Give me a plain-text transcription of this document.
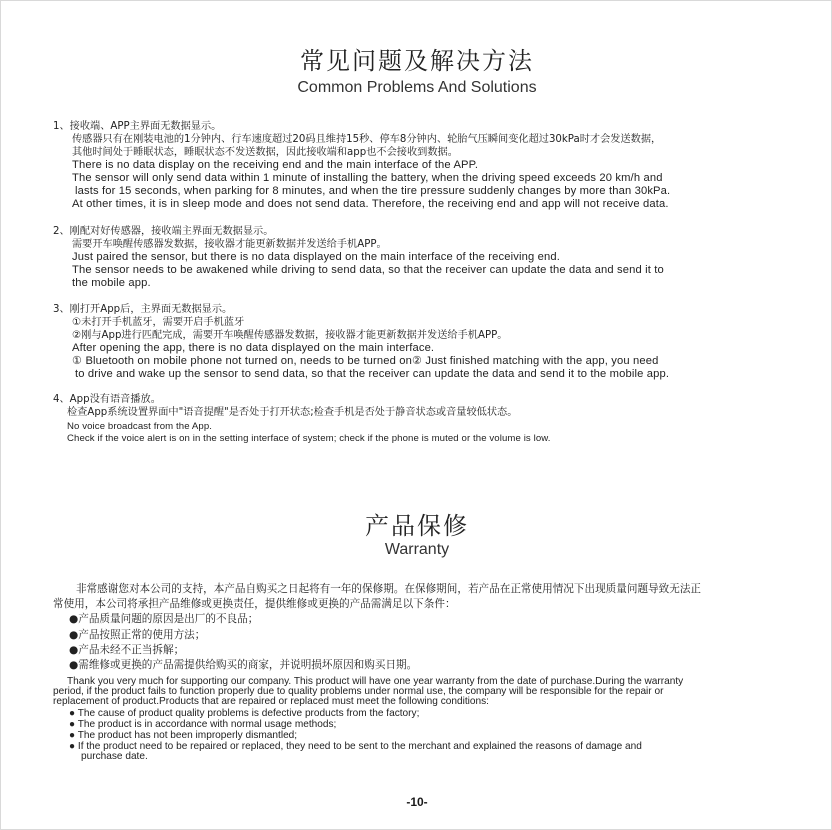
常见问题及解决方法
Common Problems And Solutions
1、接收端、APP主界面无数据显示。
传感器只有在刚装电池的1分钟内、行车速度超过20码且维持15秒、停车8分钟内、轮胎气压瞬间变化超过30kPa时才会发送数据，
其他时间处于睡眠状态，睡眠状态不发送数据，因此接收端和app也不会接收到数据。
There is no data display on the receiving end and the main interface of the APP.
The sensor will only send data within 1 minute of installing the battery, when the driving speed exceeds 20 km/h and
lasts for 15 seconds, when parking for 8 minutes, and when the tire pressure suddenly changes by more than 30kPa.
At other times, it is in sleep mode and does not send data. Therefore, the receiving end and app will not receive data.
2、刚配对好传感器，接收端主界面无数据显示。
需要开车唤醒传感器发数据，接收器才能更新数据并发送给手机APP。
Just paired the sensor, but there is no data displayed on the main interface of the receiving end.
The sensor needs to be awakened while driving to send data, so that the receiver can update the data and send it to
the mobile app.
3、刚打开App后，主界面无数据显示。
①未打开手机蓝牙，需要开启手机蓝牙
②刚与App进行匹配完成，需要开车唤醒传感器发数据，接收器才能更新数据并发送给手机APP。
After opening the app, there is no data displayed on the main interface.
① Bluetooth on mobile phone not turned on, needs to be turned on② Just finished matching with the app, you need
to drive and wake up the sensor to send data, so that the receiver can update the data and send it to the mobile app.
4、App没有语音播放。
检查App系统设置界面中"语音提醒"是否处于打开状态;检查手机是否处于静音状态或音量较低状态。
No voice broadcast from the App.
Check if the voice alert is on in the setting interface of system; check if the phone is muted or the volume is low.
产品保修
Warranty
非常感谢您对本公司的支持，本产品自购买之日起将有一年的保修期。在保修期间，若产品在正常使用情况下出现质量问题导致无法正
常使用，本公司将承担产品维修或更换责任，提供维修或更换的产品需满足以下条件：
●产品质量问题的原因是出厂的不良品；
●产品按照正常的使用方法；
●产品未经不正当拆解；
●需维修或更换的产品需提供给购买的商家，并说明损坏原因和购买日期。
Thank you very much for supporting our company. This product will have one year warranty from the date of purchase.During the warranty
period, if the product fails to function properly due to quality problems under normal use, the company will be responsible for the repair or
replacement of product.Products that are repaired or replaced must meet the following conditions:
● The cause of product quality problems is defective products from the factory;
● The product is in accordance with normal usage methods;
● The product has not been improperly dismantled;
● If the product need to be repaired or replaced, they need to be sent to the merchant and explained the reasons of damage and
purchase date.
-10-
